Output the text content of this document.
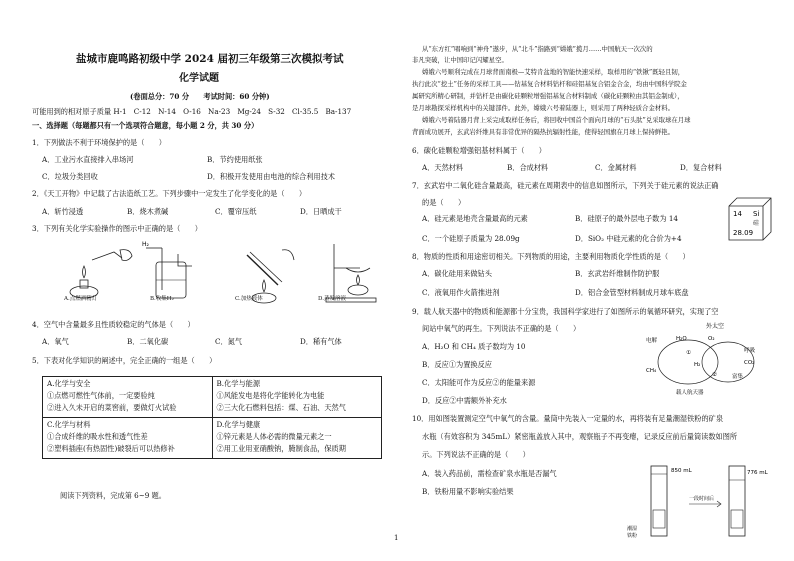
盐城市鹿鸣路初级中学 2024 届初三年级第三次模拟考试
化学试题
(卷面总分：70 分　　考试时间：60 分钟)
可能用到的相对原子质量 H-1　C-12　N-14　O-16　Na-23　Mg-24　S-32　Cl-35.5　Ba-137
一、选择题（每题都只有一个选项符合题意，每小题 2 分，共 30 分）
1．下列做法不利于环境保护的是（　　）
A．工业污水直接排入串场河	B．节约使用纸张
C．垃圾分类回收	D．积极开发使用由电池的综合利用技术
2．《天工开物》中记载了古法造纸工艺。下列步骤中一定发生了化学变化的是（　　）
A．斩竹浸透	B．烧木煮碱	C．覆帘压纸	D．日晒成干
3．下列有关化学实验操作的图示中正确的是（　　）
H₂
A.点燃酒精灯	B.收集H₂	C.加热液体	D.蒸发溶液
4．空气中含量最多且性质较稳定的气体是（　　）
A．氧气	B．二氧化碳	C．氮气	D．稀有气体
5．下表对化学知识的阐述中，完全正确的一组是（　　）
A.化学与安全
①点燃可燃性气体前，一定要验纯
②进入久未开启的菜窖前，要做灯火试验	B.化学与能源
①风能发电是将化学能转化为电能
②三大化石燃料包括：煤、石油、天然气

C.化学与材料
①合成纤维的吸水性和透气性差
②塑料插座(有热固性)破裂后可以热修补	D.化学与健康
①锌元素是人体必需的微量元素之一
②用工业用亚硝酸钠，腌制食品，保质期
阅读下列资料，完成第 6~9 题。
从“东方红”唱响到“神舟”遨步，从“北斗”指路到“嫦娥”揽月……中国航天一次次的
非凡突破，让中国印记闪耀星空。
嫦娥六号顺利完成在月球背面南极—艾特肯盆地的智能快速采样，取样用的“铁锹”既轻且韧，
执行此次“挖土”任务的采样工具——钻基复合材料钻杆和硅铝基复合铝金合金，均由中国科学院金
属研究所精心研制，并钻杆是由碳化硅颗粒增强铝基复合材料制成（碳化硅颗粒由其铝金制成），
是月球勘探采样机构中的关键部件。此外，嫦娥六号着陆器上，则采用了两种轻质合金材料。
嫦娥六号着陆器月背上采完成取样任务后，将回收中国首个面向月球的“石头肽”兑采取球在月球
背面成功展开，玄武岩纤维具有非常优异的隔热抗辐射性能，使得轻国旗在月球上保持鲜艳。
6．碳化硅颗粒增强铝基材料属于（　　）
A．天然材料	B．合成材料	C．金属材料	D．复合材料
7．玄武岩中二氧化硅含量最高，硅元素在周期表中的信息如图所示，下列关于硅元素的说法正确
的是（　　）
A．硅元素是地壳含量最高的元素	B．硅原子的最外层电子数为 14
C．一个硅原子质量为 28.09g	D．SiO₂ 中硅元素的化合价为+4
14 Si
硅
28.09
8．物质的性质和用途密切相关。下列物质的用途，主要利用物质化学性质的是（　　）
A．碳化硅用来做钻头	B．玄武岩纤维制作防护服
C．液氧用作火箭推进剂	D．铝合金管型材料制成月球车底盘
9．载人航天器中的物质和能源都十分宝贵，我国科学家进行了如图所示的氧循环研究，实现了空
间站中氧气的再生。下列说法不正确的是（　　）
A．H₂O 和 CH₄ 质子数均为 10
B．反应①为置换反应
C．太阳能可作为反应②的能量来源
D．反应②中需额外补充水
外太空
电解	H₂O	O₂
呼吸
CO₂
CH₄
H₂
①
②	富集
载人航天器
10．用如图装置测定空气中氧气的含量。量筒中先装入一定量的水，再将装有足量潮湿铁粉的矿泉
水瓶（有效容积为 345mL）紧密瓶盖放入其中，观察瓶子不再变瘪，记录反应前后量筒读数如图所
示。下列说法不正确的是（　　）
A．装入药品前，需检查矿泉水瓶是否漏气
B．铁粉用量不影响实验结果
850 mL
潮湿
铁粉
一段时间后
776 mL
1
